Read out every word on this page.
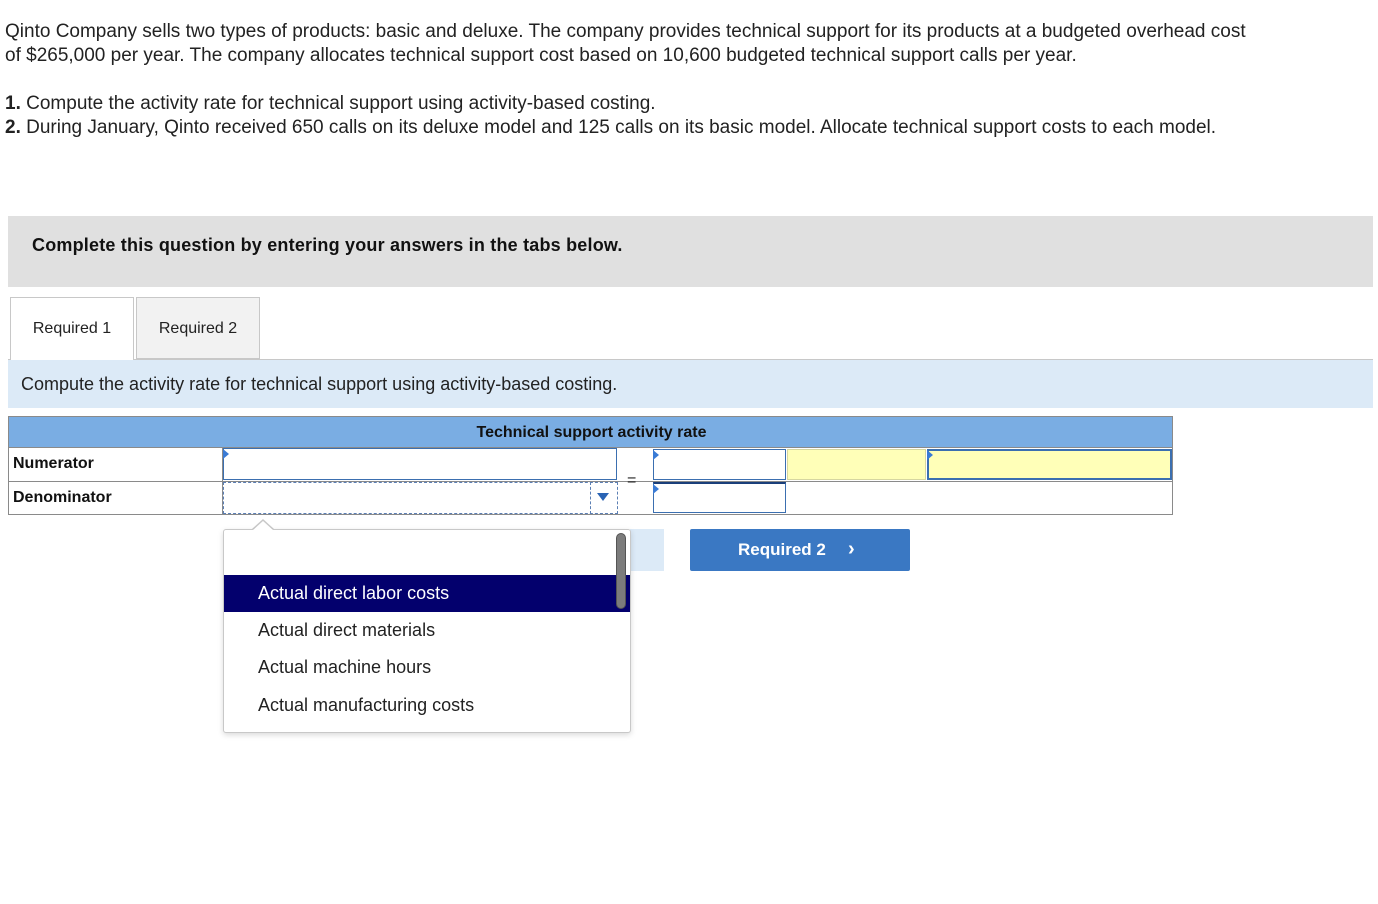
Qinto Company sells two types of products: basic and deluxe. The company provides technical support for its products at a budgeted overhead cost of $265,000 per year. The company allocates technical support cost based on 10,600 budgeted technical support calls per year.

1. Compute the activity rate for technical support using activity-based costing.

2. During January, Qinto received 650 calls on its deluxe model and 125 calls on its basic model. Allocate technical support costs to each model.

Complete this question by entering your answers in the tabs below.
Required 1	Required 2
Compute the activity rate for technical support using activity-based costing.
Technical support activity rate
Numerator
Denominator
=
Required 2 ›
Actual direct labor costs
Actual direct materials
Actual machine hours
Actual manufacturing costs
